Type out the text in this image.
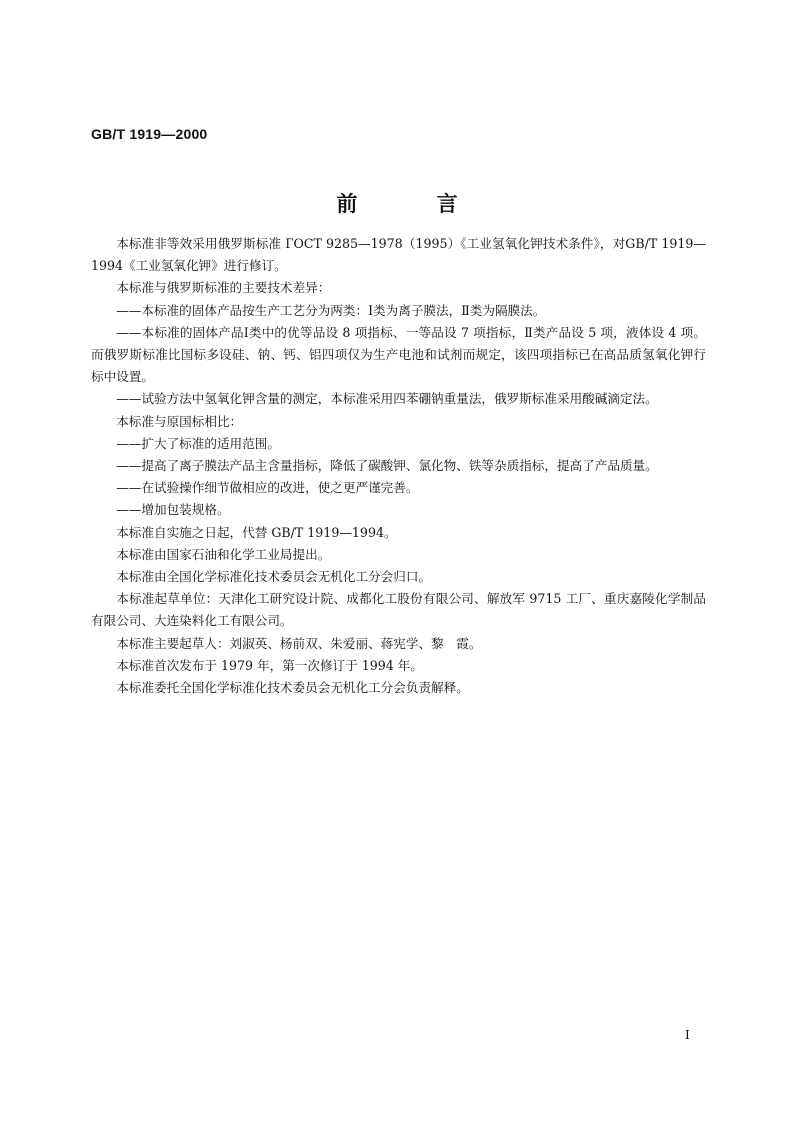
GB/T 1919—2000
前 言

本标准非等效采用俄罗斯标准 ГОСТ 9285—1978（1995）《工业氢氧化钾技术条件》，对GB/T 1919—1994《工业氢氧化钾》进行修订。

本标准与俄罗斯标准的主要技术差异：

——本标准的固体产品按生产工艺分为两类：Ⅰ类为离子膜法，Ⅱ类为隔膜法。

——本标准的固体产品Ⅰ类中的优等品设 8 项指标、一等品设 7 项指标，Ⅱ类产品设 5 项，液体设 4 项。而俄罗斯标准比国标多设硅、钠、钙、铝四项仅为生产电池和试剂而规定，该四项指标已在高品质氢氧化钾行标中设置。

——试验方法中氢氧化钾含量的测定，本标准采用四苯硼钠重量法，俄罗斯标准采用酸碱滴定法。

本标准与原国标相比：

——扩大了标准的适用范围。

——提高了离子膜法产品主含量指标，降低了碳酸钾、氯化物、铁等杂质指标，提高了产品质量。

——在试验操作细节做相应的改进，使之更严谨完善。

——增加包装规格。

本标准自实施之日起，代替 GB/T 1919—1994。

本标准由国家石油和化学工业局提出。

本标准由全国化学标准化技术委员会无机化工分会归口。

本标准起草单位：天津化工研究设计院、成都化工股份有限公司、解放军 9715 工厂、重庆嘉陵化学制品有限公司、大连染料化工有限公司。

本标准主要起草人：刘淑英、杨前双、朱爱丽、蒋宪学、黎　霞。

本标准首次发布于 1979 年，第一次修订于 1994 年。

本标准委托全国化学标准化技术委员会无机化工分会负责解释。

I
